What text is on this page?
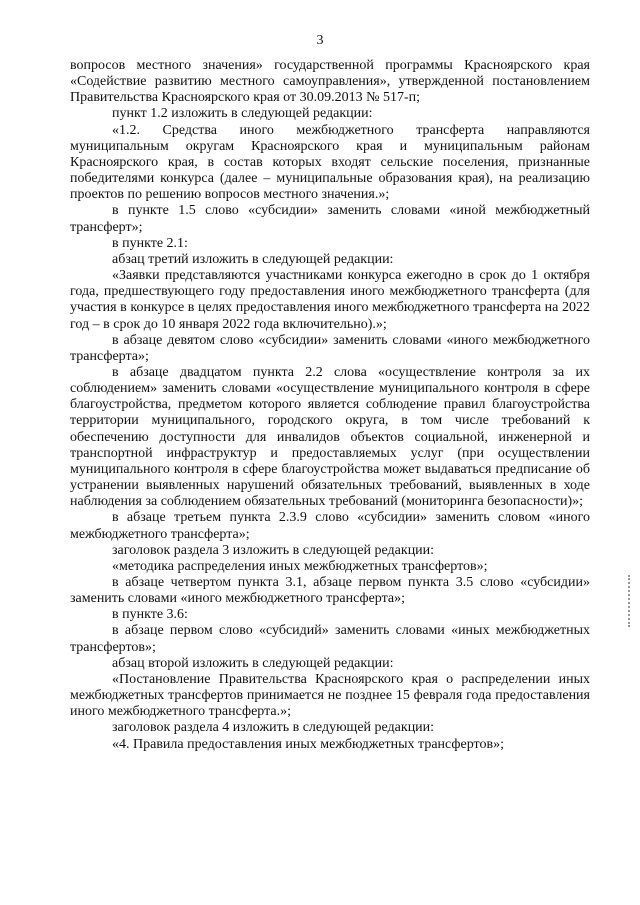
3

вопросов местного значения» государственной программы Красноярского края «Содействие развитию местного самоуправления», утвержденной постановлением Правительства Красноярского края от 30.09.2013 № 517-п;

пункт 1.2 изложить в следующей редакции:

«1.2. Средства иного межбюджетного трансферта направляются муниципальным округам Красноярского края и муниципальным районам Красноярского края, в состав которых входят сельские поселения, признанные победителями конкурса (далее – муниципальные образования края), на реализацию проектов по решению вопросов местного значения.»;

в пункте 1.5 слово «субсидии» заменить словами «иной межбюджетный трансферт»;

в пункте 2.1:

абзац третий изложить в следующей редакции:

«Заявки представляются участниками конкурса ежегодно в срок до 1 октября года, предшествующего году предоставления иного межбюджетного трансферта (для участия в конкурсе в целях предоставления иного межбюджетного трансферта на 2022 год – в срок до 10 января 2022 года включительно).»;

в абзаце девятом слово «субсидии» заменить словами «иного межбюджетного трансферта»;

в абзаце двадцатом пункта 2.2 слова «осуществление контроля за их соблюдением» заменить словами «осуществление муниципального контроля в сфере благоустройства, предметом которого является соблюдение правил благоустройства территории муниципального, городского округа, в том числе требований к обеспечению доступности для инвалидов объектов социальной, инженерной и транспортной инфраструктур и предоставляемых услуг (при осуществлении муниципального контроля в сфере благоустройства может выдаваться предписание об устранении выявленных нарушений обязательных требований, выявленных в ходе наблюдения за соблюдением обязательных требований (мониторинга безопасности)»;

в абзаце третьем пункта 2.3.9 слово «субсидии» заменить словом «иного межбюджетного трансферта»;

заголовок раздела 3 изложить в следующей редакции:

«методика распределения иных межбюджетных трансфертов»;

в абзаце четвертом пункта 3.1, абзаце первом пункта 3.5 слово «субсидии» заменить словами «иного межбюджетного трансферта»;

в пункте 3.6:

в абзаце первом слово «субсидий» заменить словами «иных межбюджетных трансфертов»;

абзац второй изложить в следующей редакции:

«Постановление Правительства Красноярского края о распределении иных межбюджетных трансфертов принимается не позднее 15 февраля года предоставления иного межбюджетного трансферта.»;

заголовок раздела 4 изложить в следующей редакции:

«4. Правила предоставления иных межбюджетных трансфертов»;
